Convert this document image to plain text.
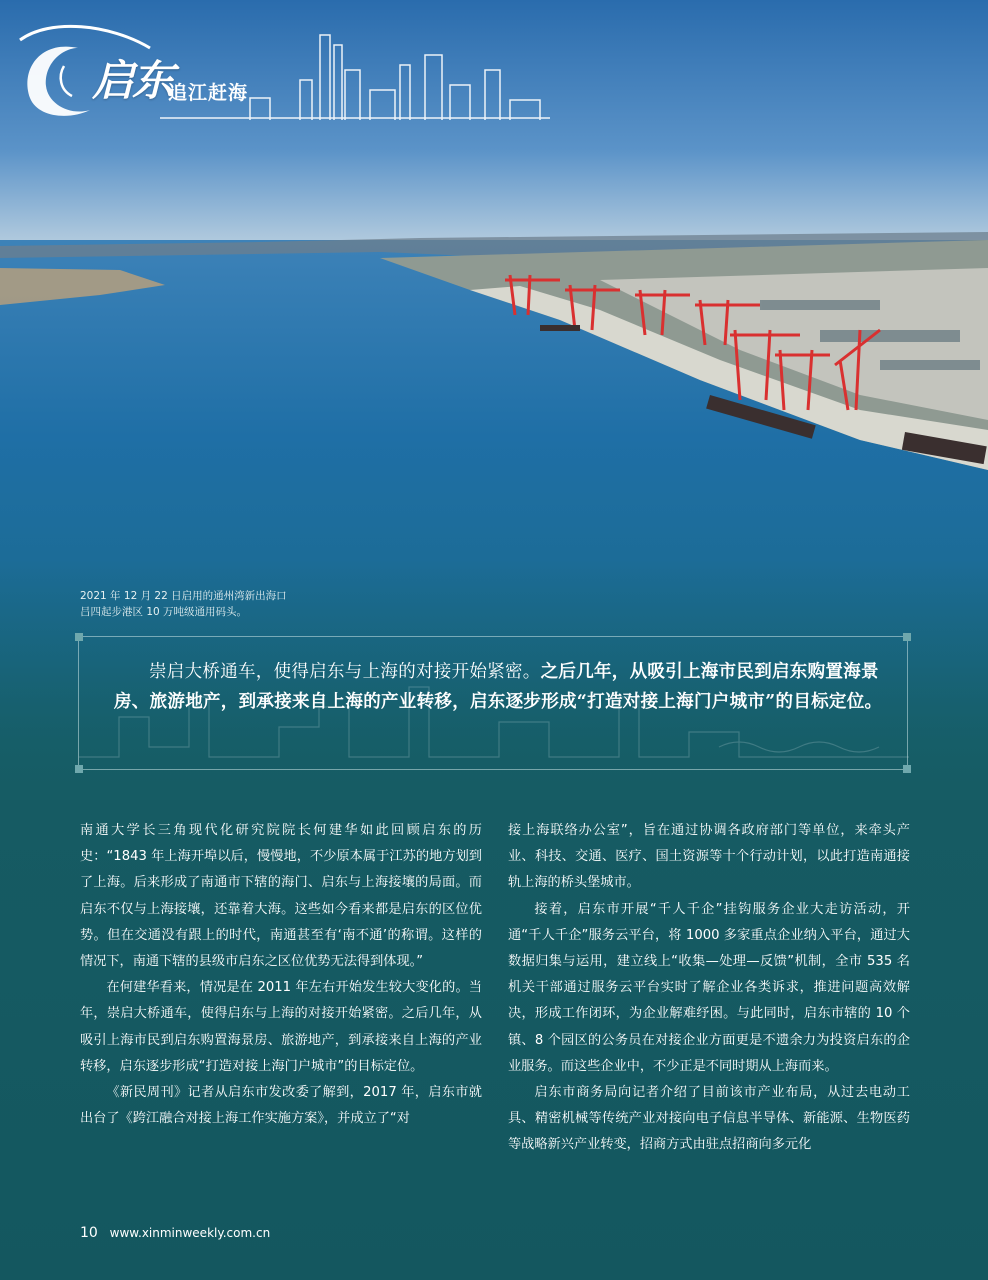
启东
追江赶海
2021 年 12 月 22 日启用的通州湾新出海口
吕四起步港区 10 万吨级通用码头。
崇启大桥通车，使得启东与上海的对接开始紧密。之后几年，从吸引上海市民到启东购置海景房、旅游地产，到承接来自上海的产业转移，启东逐步形成“打造对接上海门户城市”的目标定位。

南通大学长三角现代化研究院院长何建华如此回顾启东的历史：“1843 年上海开埠以后，慢慢地，不少原本属于江苏的地方划到了上海。后来形成了南通市下辖的海门、启东与上海接壤的局面。而启东不仅与上海接壤，还靠着大海。这些如今看来都是启东的区位优势。但在交通没有跟上的时代，南通甚至有‘南不通’的称谓。这样的情况下，南通下辖的县级市启东之区位优势无法得到体现。”

在何建华看来，情况是在 2011 年左右开始发生较大变化的。当年，崇启大桥通车，使得启东与上海的对接开始紧密。之后几年，从吸引上海市民到启东购置海景房、旅游地产，到承接来自上海的产业转移，启东逐步形成“打造对接上海门户城市”的目标定位。

《新民周刊》记者从启东市发改委了解到，2017 年，启东市就出台了《跨江融合对接上海工作实施方案》，并成立了“对

接上海联络办公室”，旨在通过协调各政府部门等单位，来牵头产业、科技、交通、医疗、国土资源等十个行动计划，以此打造南通接轨上海的桥头堡城市。

接着，启东市开展“千人千企”挂钩服务企业大走访活动，开通“千人千企”服务云平台，将 1000 多家重点企业纳入平台，通过大数据归集与运用，建立线上“收集—处理—反馈”机制，全市 535 名机关干部通过服务云平台实时了解企业各类诉求，推进问题高效解决，形成工作闭环，为企业解难纾困。与此同时，启东市辖的 10 个镇、8 个园区的公务员在对接企业方面更是不遗余力为投资启东的企业服务。而这些企业中，不少正是不同时期从上海而来。

启东市商务局向记者介绍了目前该市产业布局，从过去电动工具、精密机械等传统产业对接向电子信息半导体、新能源、生物医药等战略新兴产业转变，招商方式由驻点招商向多元化

10 www.xinminweekly.com.cn
